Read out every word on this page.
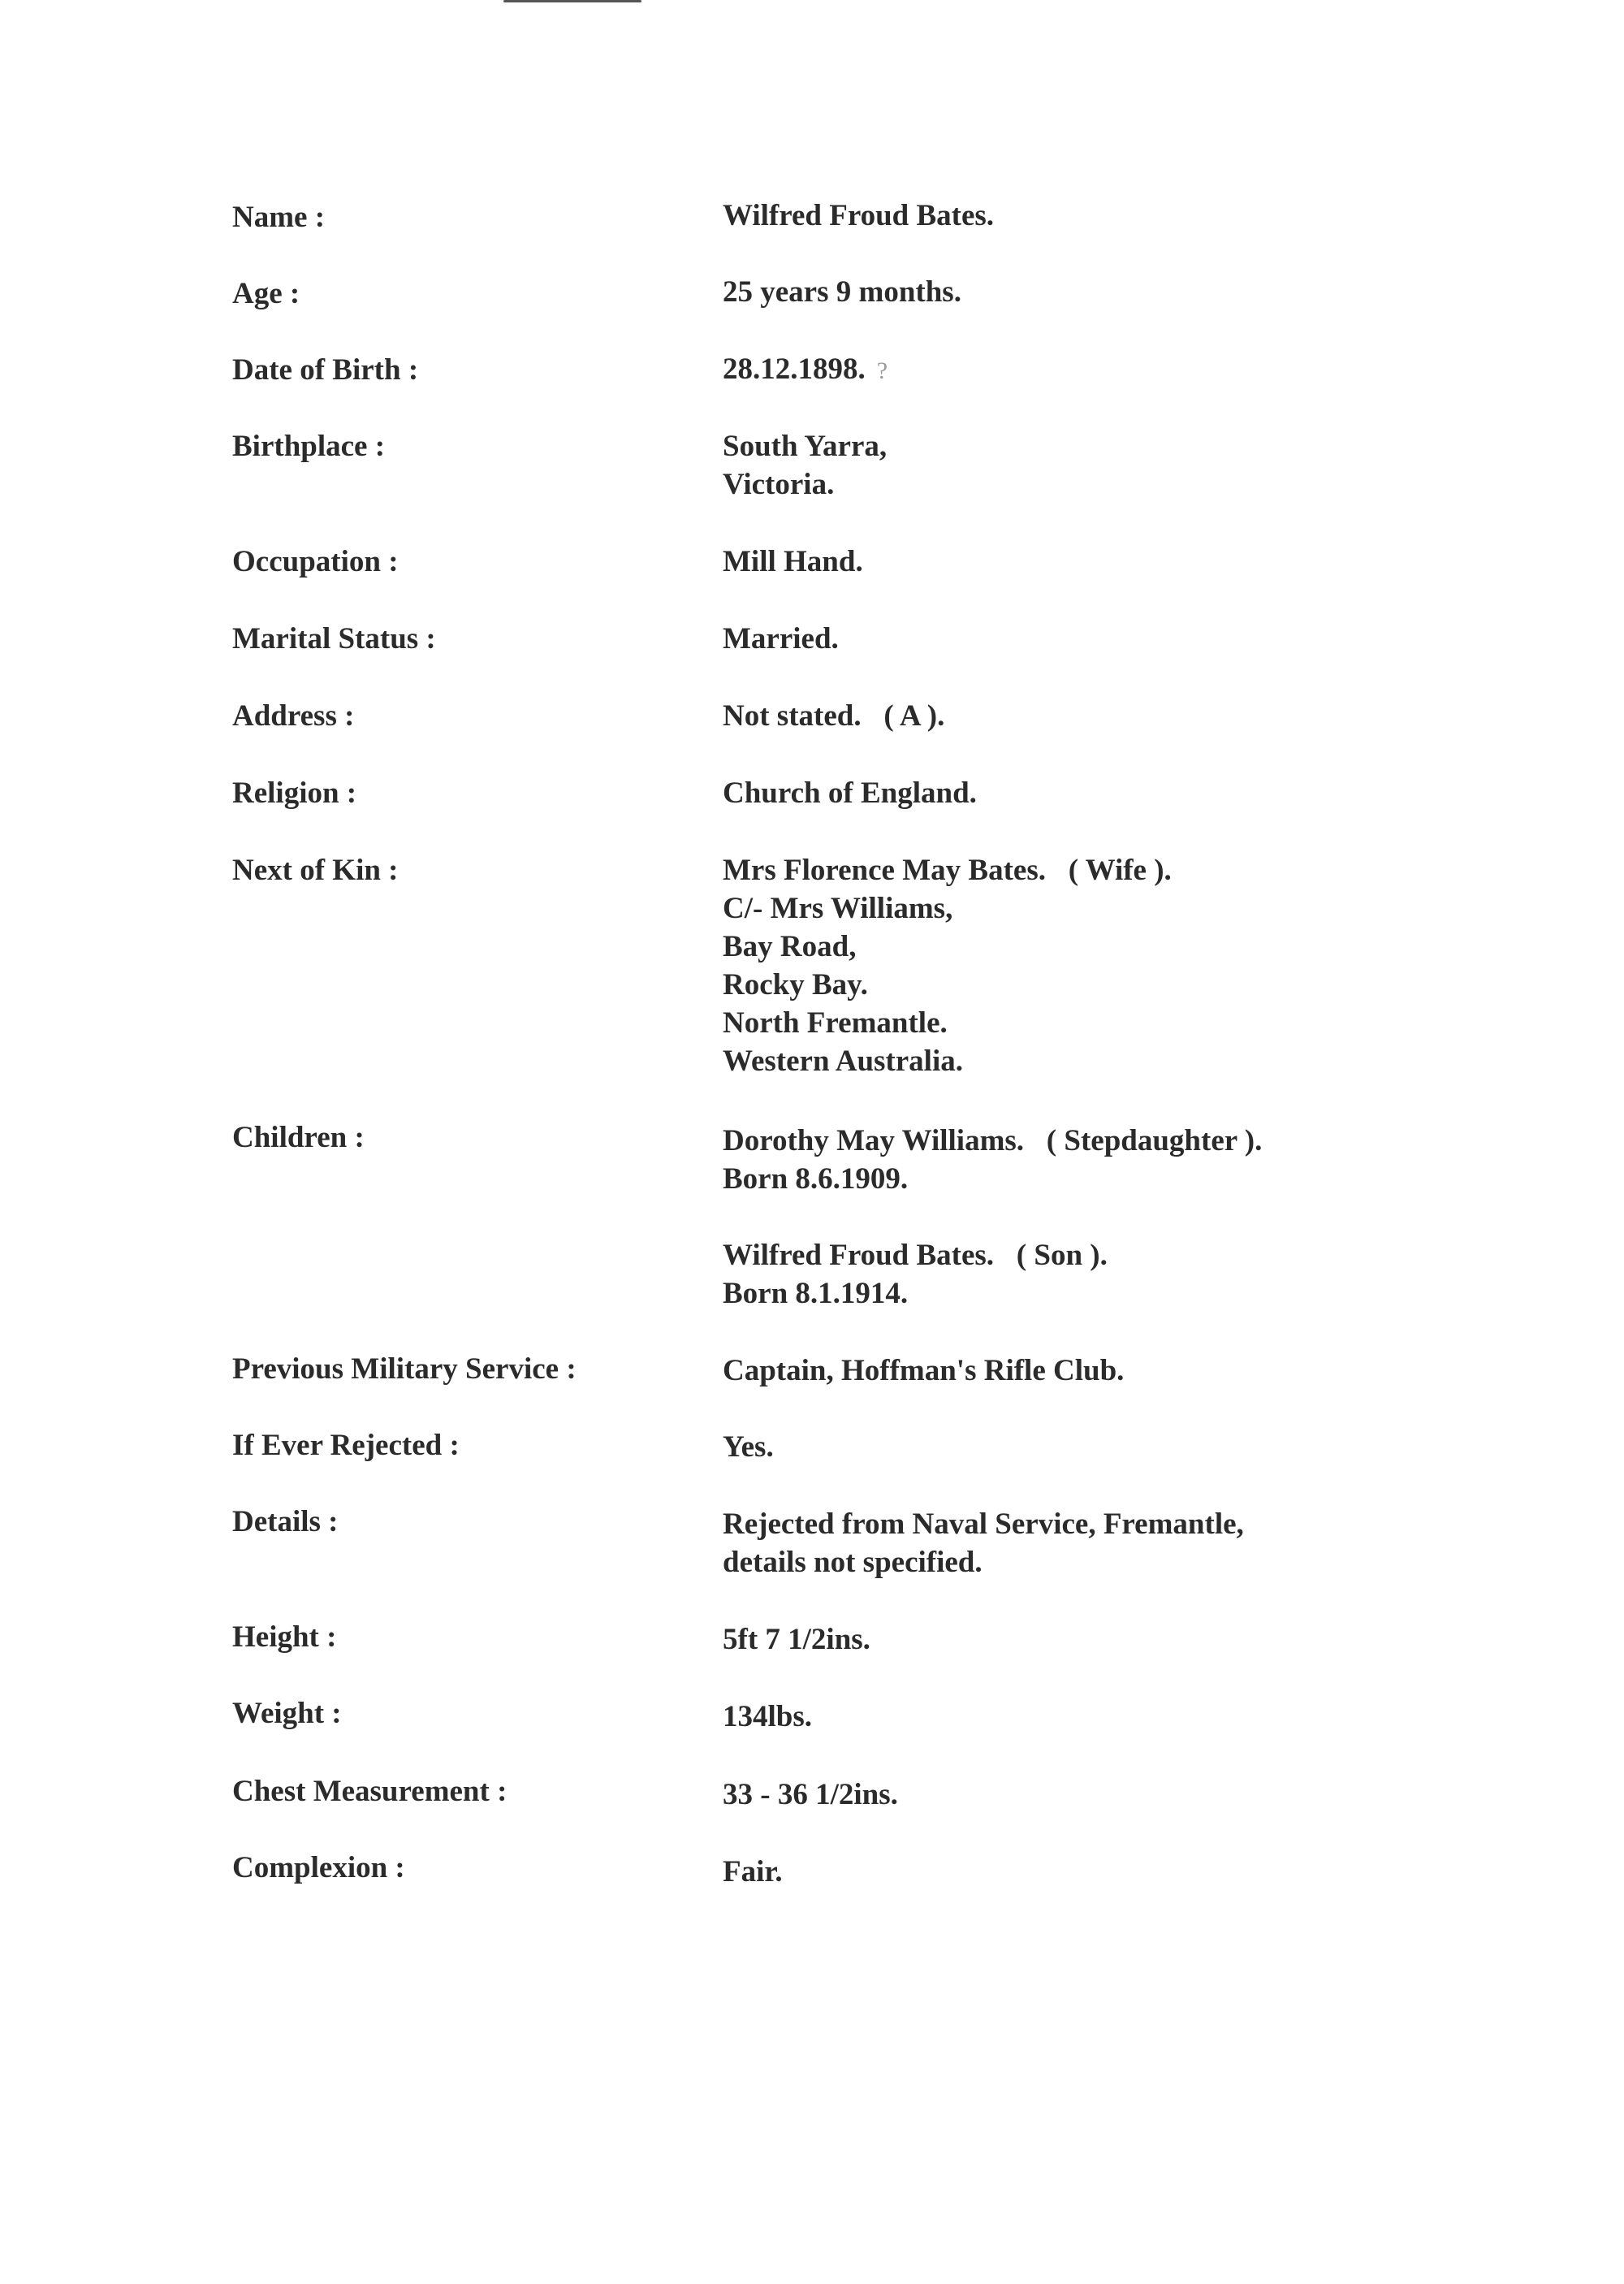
Name :	Wilfred Froud Bates.
Age :	25 years 9 months.
Date of Birth :	28.12.1898. ?
Birthplace :	South Yarra,
Victoria.
Occupation :	Mill Hand.
Marital Status :	Married.
Address :	Not stated.   ( A ).
Religion :	Church of England.
Next of Kin :	Mrs Florence May Bates.   ( Wife ).
C/- Mrs Williams,
Bay Road,
Rocky Bay.
North Fremantle.
Western Australia.
Children :	Dorothy May Williams.   ( Stepdaughter ).
Born 8.6.1909.
Wilfred Froud Bates.   ( Son ).
Born 8.1.1914.
Previous Military Service :	Captain, Hoffman's Rifle Club.
If Ever Rejected :	Yes.
Details :	Rejected from Naval Service, Fremantle,
details not specified.
Height :	5ft 7 1/2ins.
Weight :	134lbs.
Chest Measurement :	33 - 36 1/2ins.
Complexion :	Fair.
